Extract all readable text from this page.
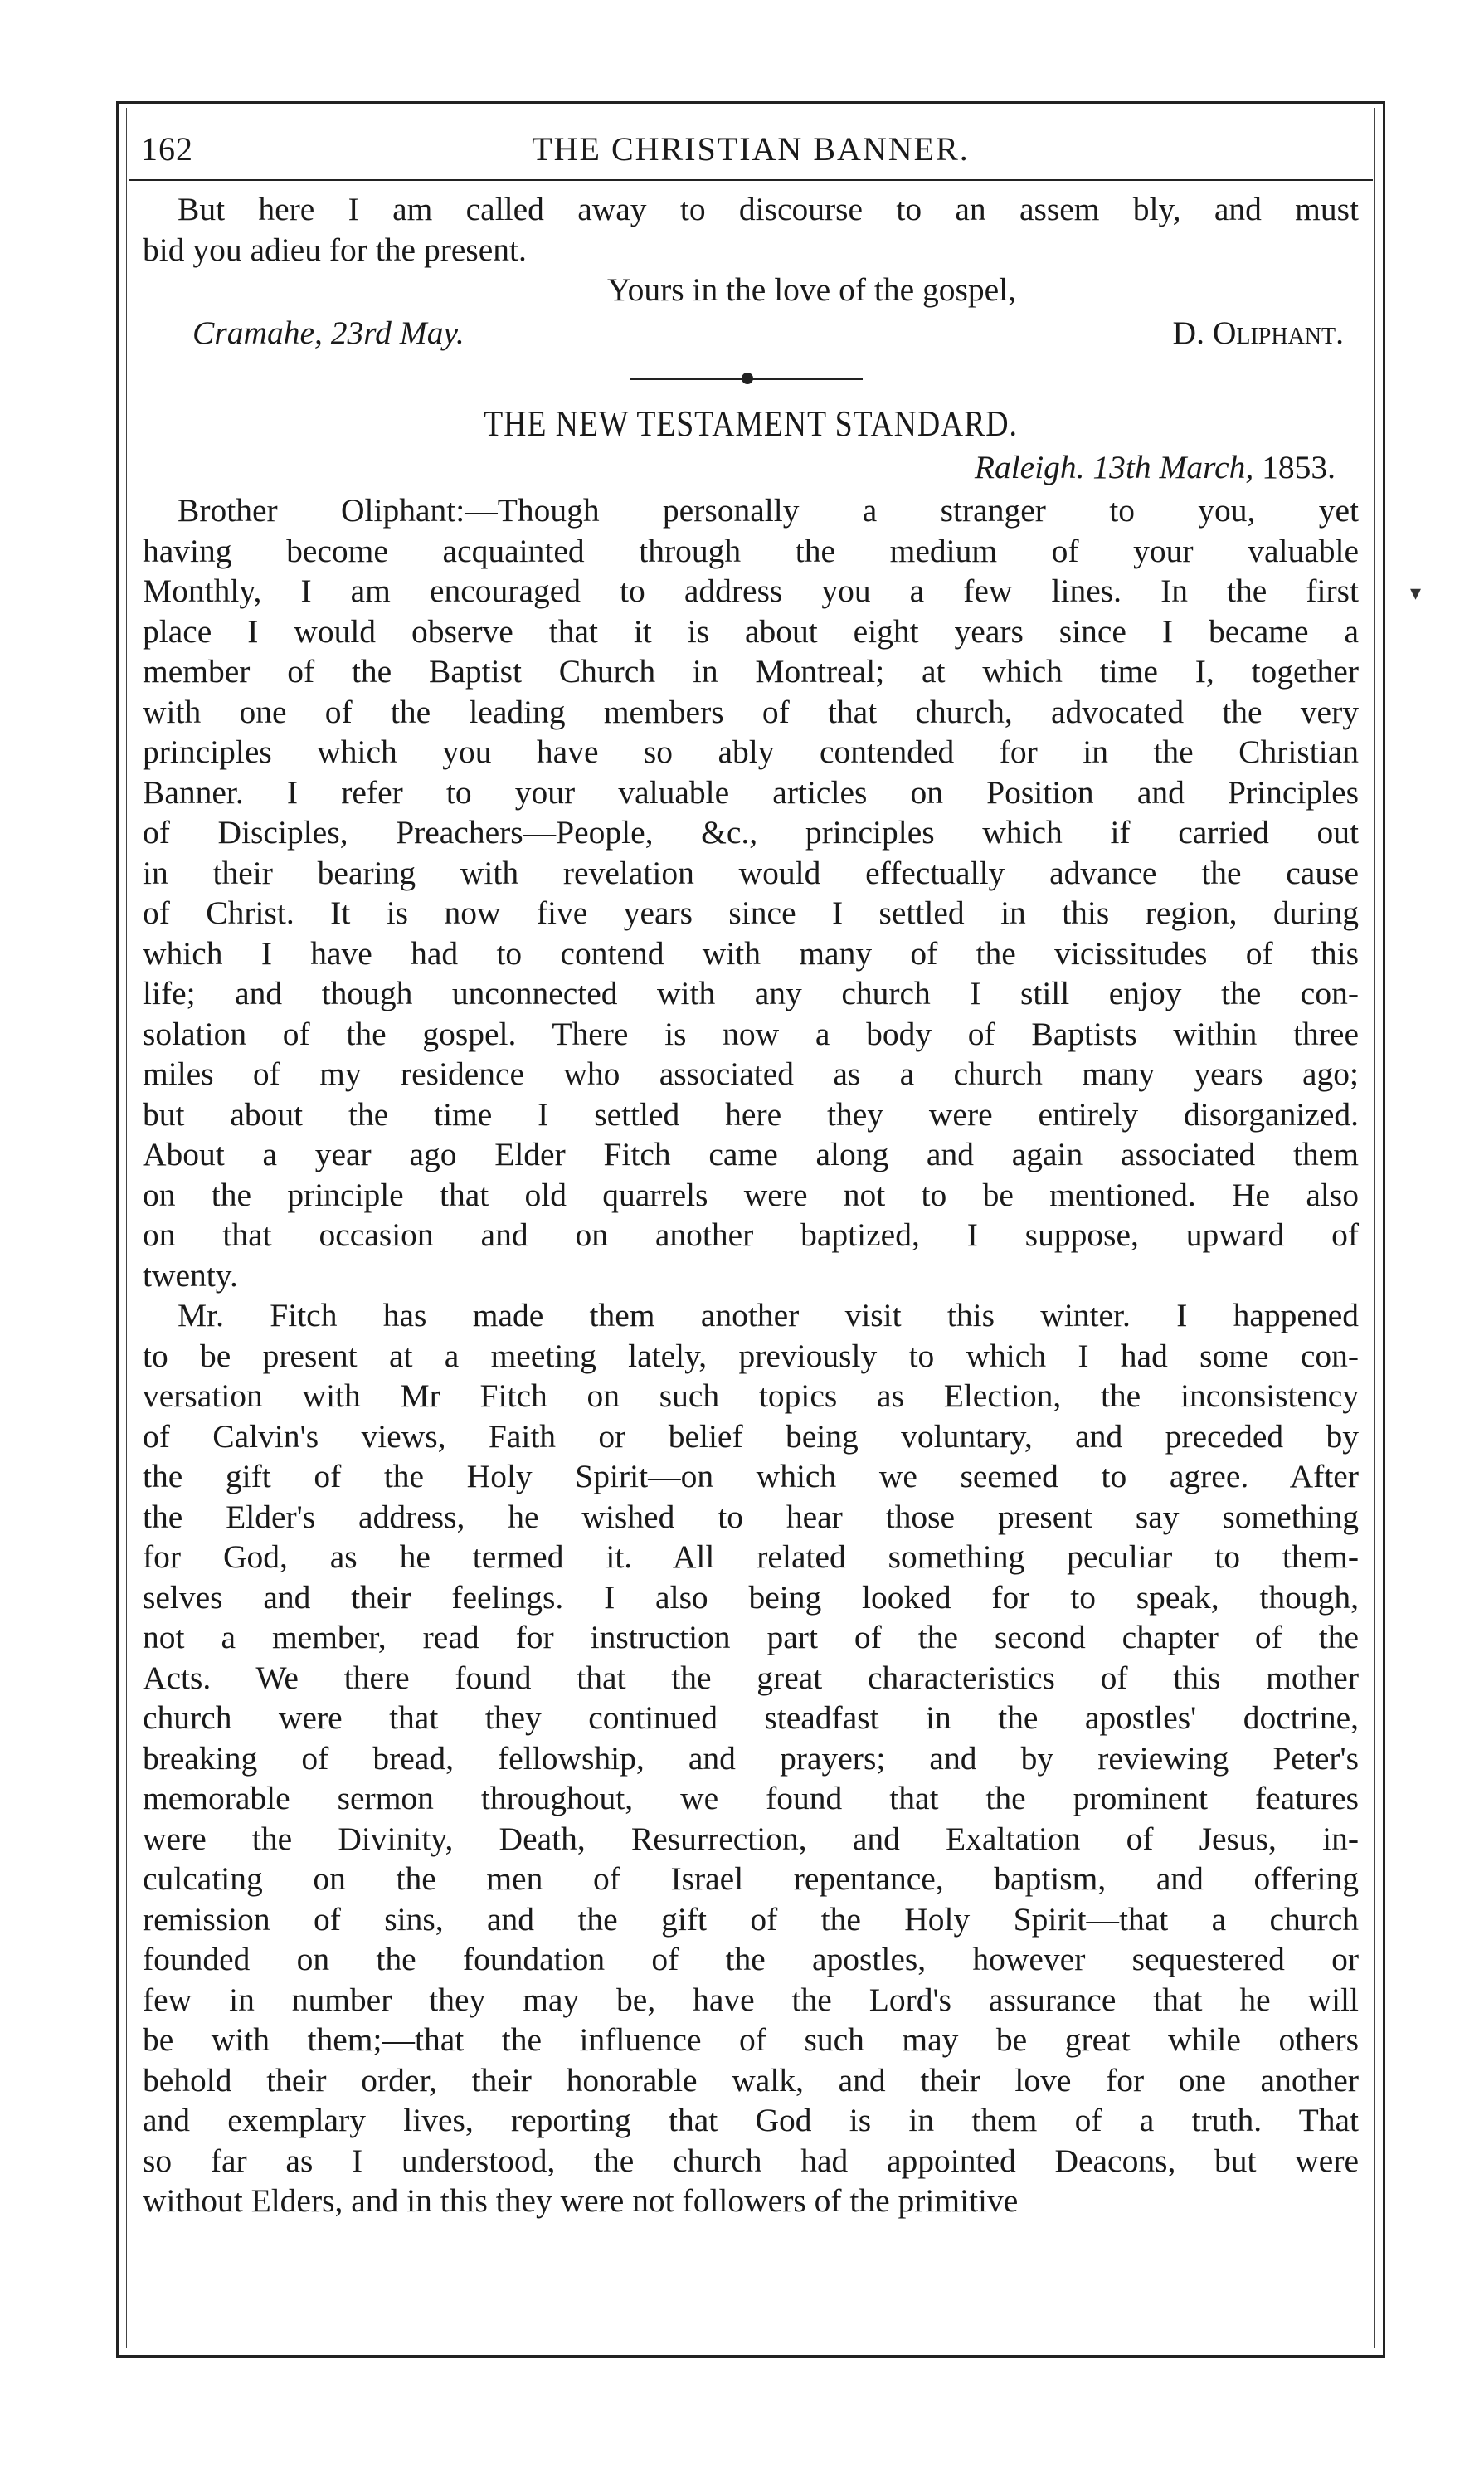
162	THE CHRISTIAN BANNER.
But here I am called away to discourse to an assem bly, and must
bid you adieu for the present.
Yours in the love of the gospel,
Cramahe, 23rd May.	D. Oliphant.
THE NEW TESTAMENT STANDARD.
Raleigh. 13th March, 1853.
Brother Oliphant:—Though personally a stranger to you, yet
having become acquainted through the medium of your valuable
Monthly, I am encouraged to address you a few lines. In the first
place I would observe that it is about eight years since I became a
member of the Baptist Church in Montreal; at which time I, together
with one of the leading members of that church, advocated the very
principles which you have so ably contended for in the Christian
Banner. I refer to your valuable articles on Position and Principles
of Disciples, Preachers—People, &c., principles which if carried out
in their bearing with revelation would effectually advance the cause
of Christ. It is now five years since I settled in this region, during
which I have had to contend with many of the vicissitudes of this
life; and though unconnected with any church I still enjoy the con-
solation of the gospel. There is now a body of Baptists within three
miles of my residence who associated as a church many years ago;
but about the time I settled here they were entirely disorganized.
About a year ago Elder Fitch came along and again associated them
on the principle that old quarrels were not to be mentioned. He also
on that occasion and on another baptized, I suppose, upward of
twenty.
Mr. Fitch has made them another visit this winter. I happened
to be present at a meeting lately, previously to which I had some con-
versation with Mr Fitch on such topics as Election, the inconsistency
of Calvin's views, Faith or belief being voluntary, and preceded by
the gift of the Holy Spirit—on which we seemed to agree. After
the Elder's address, he wished to hear those present say something
for God, as he termed it. All related something peculiar to them-
selves and their feelings. I also being looked for to speak, though,
not a member, read for instruction part of the second chapter of the
Acts. We there found that the great characteristics of this mother
church were that they continued steadfast in the apostles' doctrine,
breaking of bread, fellowship, and prayers; and by reviewing Peter's
memorable sermon throughout, we found that the prominent features
were the Divinity, Death, Resurrection, and Exaltation of Jesus, in-
culcating on the men of Israel repentance, baptism, and offering
remission of sins, and the gift of the Holy Spirit—that a church
founded on the foundation of the apostles, however sequestered or
few in number they may be, have the Lord's assurance that he will
be with them;—that the influence of such may be great while others
behold their order, their honorable walk, and their love for one another
and exemplary lives, reporting that God is in them of a truth. That
so far as I understood, the church had appointed Deacons, but were
without Elders, and in this they were not followers of the primitive
▾
